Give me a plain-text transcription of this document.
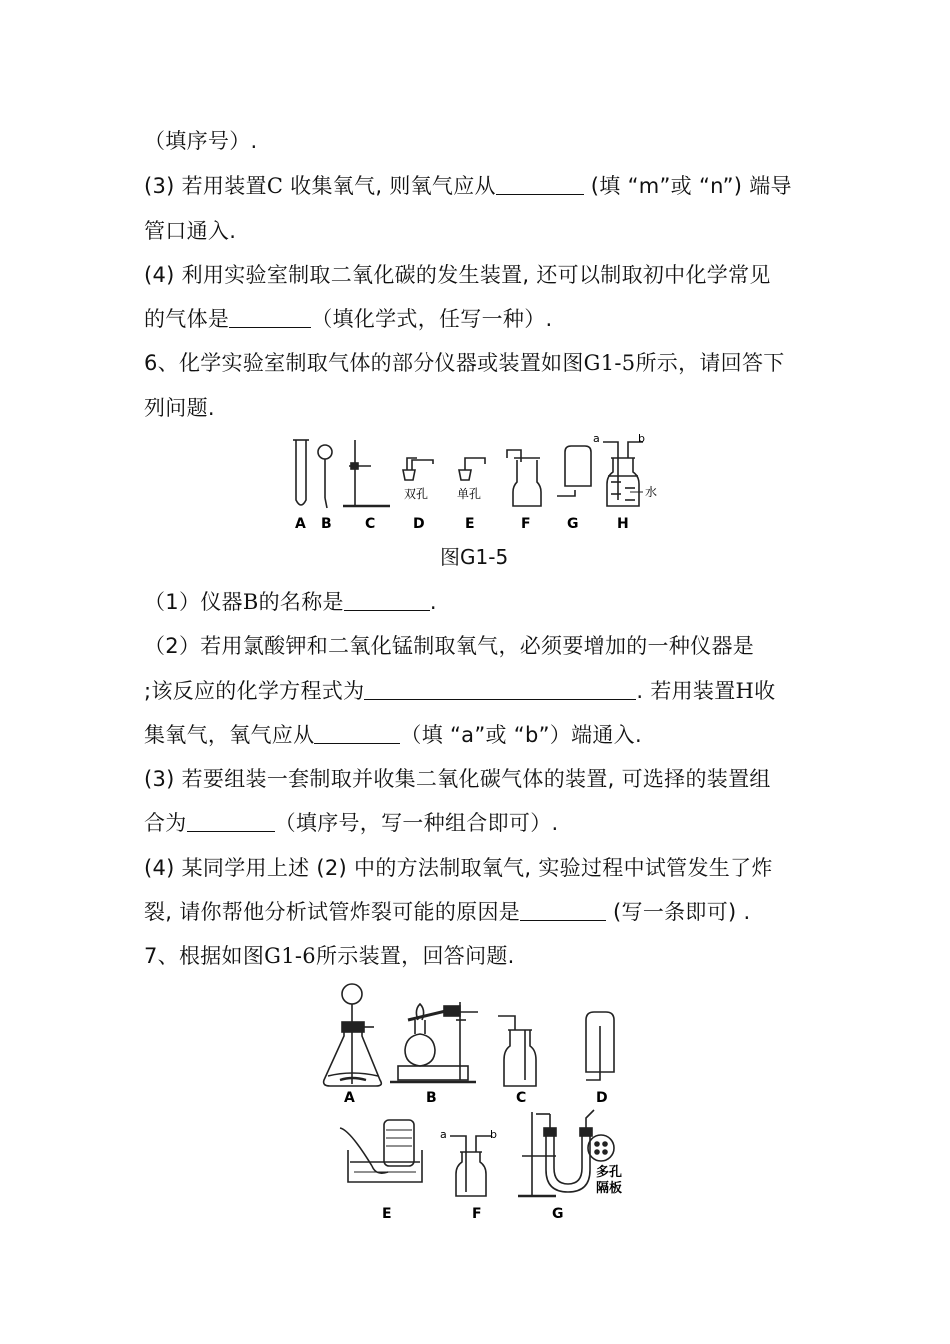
（填序号）.
(3) 若用装置C 收集氧气, 则氧气应从	(填 “m”或 “n”) 端导
管口通入.
(4) 利用实验室制取二氧化碳的发生装置, 还可以制取初中化学常见
的气体是	（填化学式，任写一种）.
6、化学实验室制取气体的部分仪器或装置如图G1-5所示，请回答下
列问题.
双孔 单孔	水
a	b
A B C	D	E	F	G	H
图G1-5
（1）仪器B的名称是	.
（2）若用氯酸钾和二氧化锰制取氧气，必须要增加的一种仪器是
;该反应的化学方程式为	. 若用装置H收
集氧气，氧气应从	（填 “a”或 “b”）端通入.
(3) 若要组装一套制取并收集二氧化碳气体的装置, 可选择的装置组
合为	（填序号，写一种组合即可）.
(4) 某同学用上述 (2) 中的方法制取氧气, 实验过程中试管发生了炸
裂, 请你帮他分析试管炸裂可能的原因是	(写一条即可) .
7、根据如图G1-6所示装置，回答问题.
a	b
多孔
隔板
A	B	C	D
E	F	G
